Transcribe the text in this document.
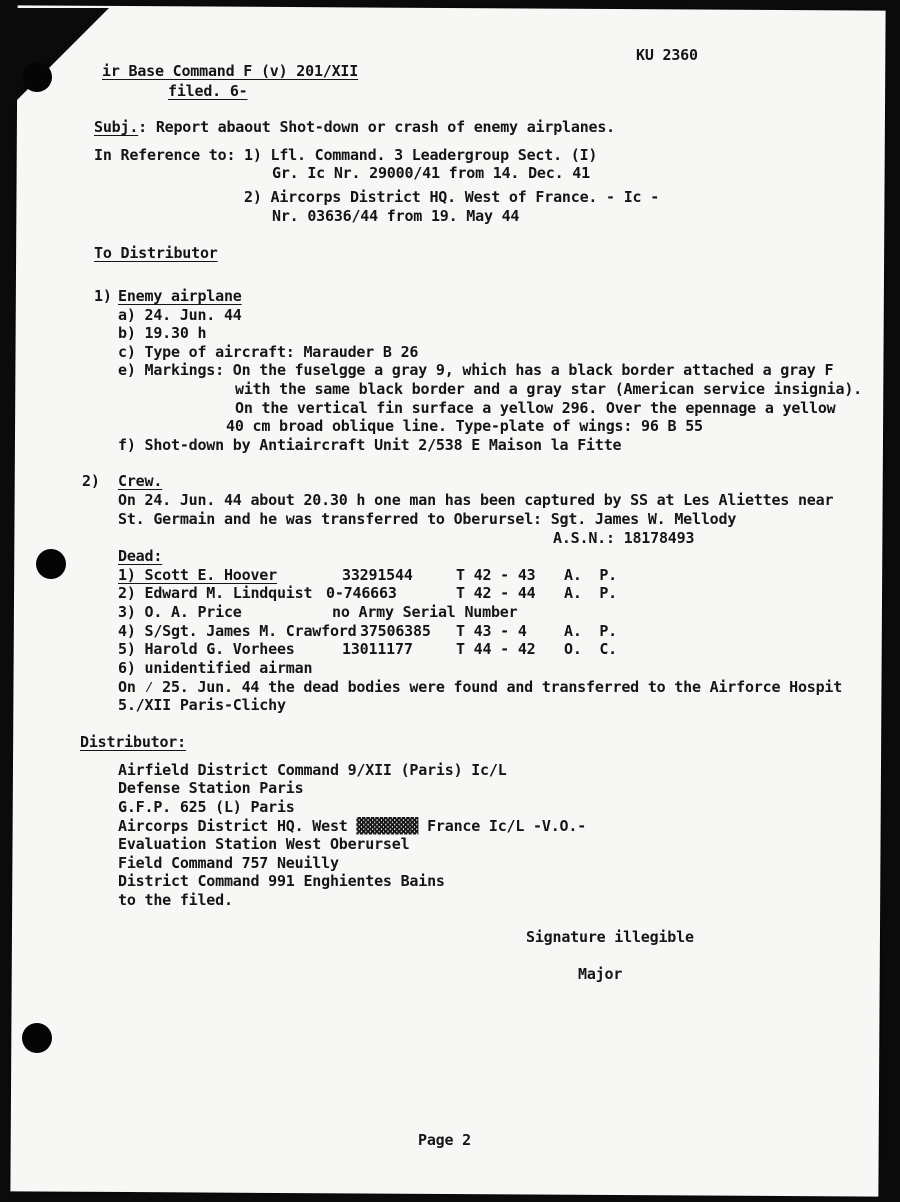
KU 2360
ir Base Command F (v) 201/XII
filed. 6-
Subj.: Report abaout Shot-down or crash of enemy airplanes.
In Reference to: 1) Lfl. Command. 3 Leadergroup Sect. (I)
Gr. Ic Nr. 29000/41 from 14. Dec. 41
2) Aircorps District HQ. West of France. - Ic -
Nr. 03636/44 from 19. May 44
To Distributor
1) Enemy airplane
a) 24. Jun. 44
b) 19.30 h
c) Type of aircraft: Marauder B 26
e) Markings: On the fuselgge a gray 9, which has a black border attached a gray F
with the same black border and a gray star (American service insignia).
On the vertical fin surface a yellow 296. Over the epennage a yellow
40 cm broad oblique line. Type-plate of wings: 96 B 55
f) Shot-down by Antiaircraft Unit 2/538 E Maison la Fitte
2) Crew.
On 24. Jun. 44 about 20.30 h one man has been captured by SS at Les Aliettes near
St. Germain and he was transferred to Oberursel: Sgt. James W. Mellody
A.S.N.: 18178493
Dead:
1) Scott E. Hoover	33291544	T 42 - 43 A.  P.
2) Edward M. Lindquist 0-746663	T 42 - 44 A.  P.
3) O. A. Price	no Army Serial Number
4) S/Sgt. James M. Crawford 37506385 T 43 - 4 A.  P.
5) Harold G. Vorhees	13011177	T 44 - 42 O.  C.
6) unidentified airman
On ⁄ 25. Jun. 44 the dead bodies were found and transferred to the Airforce Hospit
5./XII Paris-Clichy
Distributor:
Airfield District Command 9/XII (Paris) Ic/L
Defense Station Paris
G.F.P. 625 (L) Paris
Aircorps District HQ. West ▓▓▓▓▓▓▓ France Ic/L -V.O.-
Evaluation Station West Oberursel
Field Command 757 Neuilly
District Command 991 Enghientes Bains
to the filed.
Signature illegible
Major
Page 2
